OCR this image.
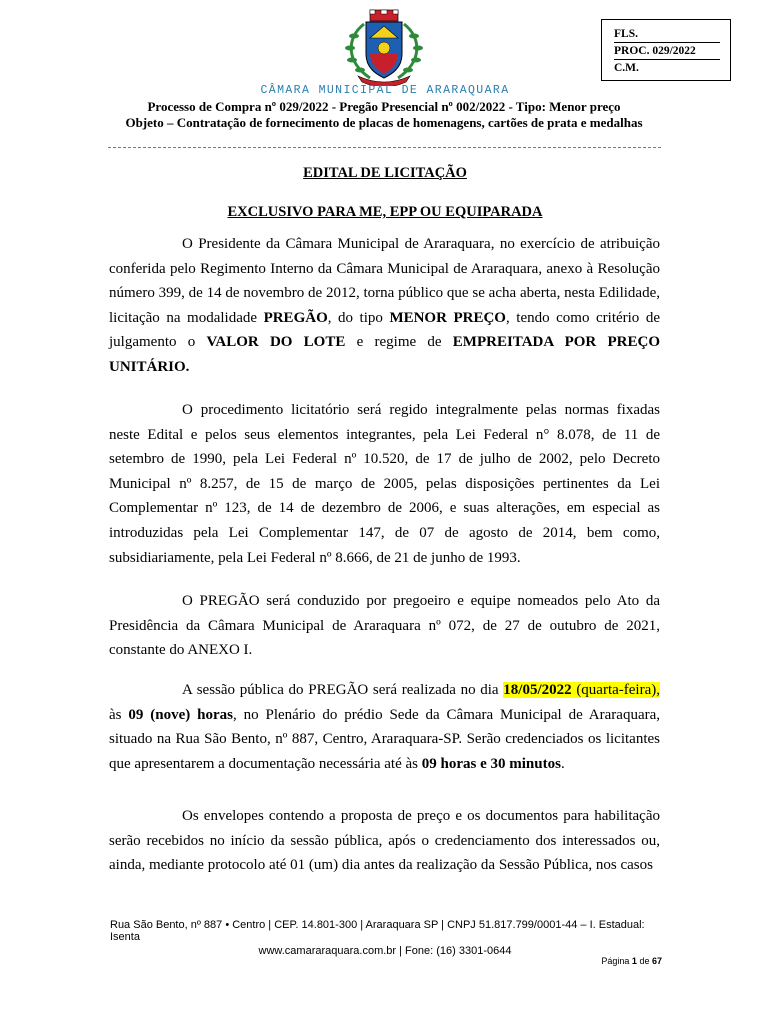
FLS.
PROC. 029/2022
C.M.
CÂMARA MUNICIPAL DE ARARAQUARA
Processo de Compra nº 029/2022 - Pregão Presencial nº 002/2022 - Tipo: Menor preço
Objeto – Contratação de fornecimento de placas de homenagens, cartões de prata e medalhas
EDITAL DE LICITAÇÃO
EXCLUSIVO PARA ME, EPP OU EQUIPARADA

O Presidente da Câmara Municipal de Araraquara, no exercício de atribuição conferida pelo Regimento Interno da Câmara Municipal de Araraquara, anexo à Resolução número 399, de 14 de novembro de 2012, torna público que se acha aberta, nesta Edilidade, licitação na modalidade PREGÃO, do tipo MENOR PREÇO, tendo como critério de julgamento o VALOR DO LOTE e regime de EMPREITADA POR PREÇO UNITÁRIO.

O procedimento licitatório será regido integralmente pelas normas fixadas neste Edital e pelos seus elementos integrantes, pela Lei Federal n° 8.078, de 11 de setembro de 1990, pela Lei Federal nº 10.520, de 17 de julho de 2002, pelo Decreto Municipal nº 8.257, de 15 de março de 2005, pelas disposições pertinentes da Lei Complementar nº 123, de 14 de dezembro de 2006, e suas alterações, em especial as introduzidas pela Lei Complementar 147, de 07 de agosto de 2014, bem como, subsidiariamente, pela Lei Federal nº 8.666, de 21 de junho de 1993.

O PREGÃO será conduzido por pregoeiro e equipe nomeados pelo Ato da Presidência da Câmara Municipal de Araraquara nº 072, de 27 de outubro de 2021, constante do ANEXO I.

A sessão pública do PREGÃO será realizada no dia 18/05/2022 (quarta-feira), às 09 (nove) horas, no Plenário do prédio Sede da Câmara Municipal de Araraquara, situado na Rua São Bento, nº 887, Centro, Araraquara-SP. Serão credenciados os licitantes que apresentarem a documentação necessária até às 09 horas e 30 minutos.

Os envelopes contendo a proposta de preço e os documentos para habilitação serão recebidos no início da sessão pública, após o credenciamento dos interessados ou, ainda, mediante protocolo até 01 (um) dia antes da realização da Sessão Pública, nos casos

Rua São Bento, nº 887 • Centro | CEP. 14.801-300 | Araraquara SP | CNPJ 51.817.799/0001-44 – I. Estadual: Isenta
www.camararaquara.com.br | Fone: (16) 3301-0644
Página 1 de 67
